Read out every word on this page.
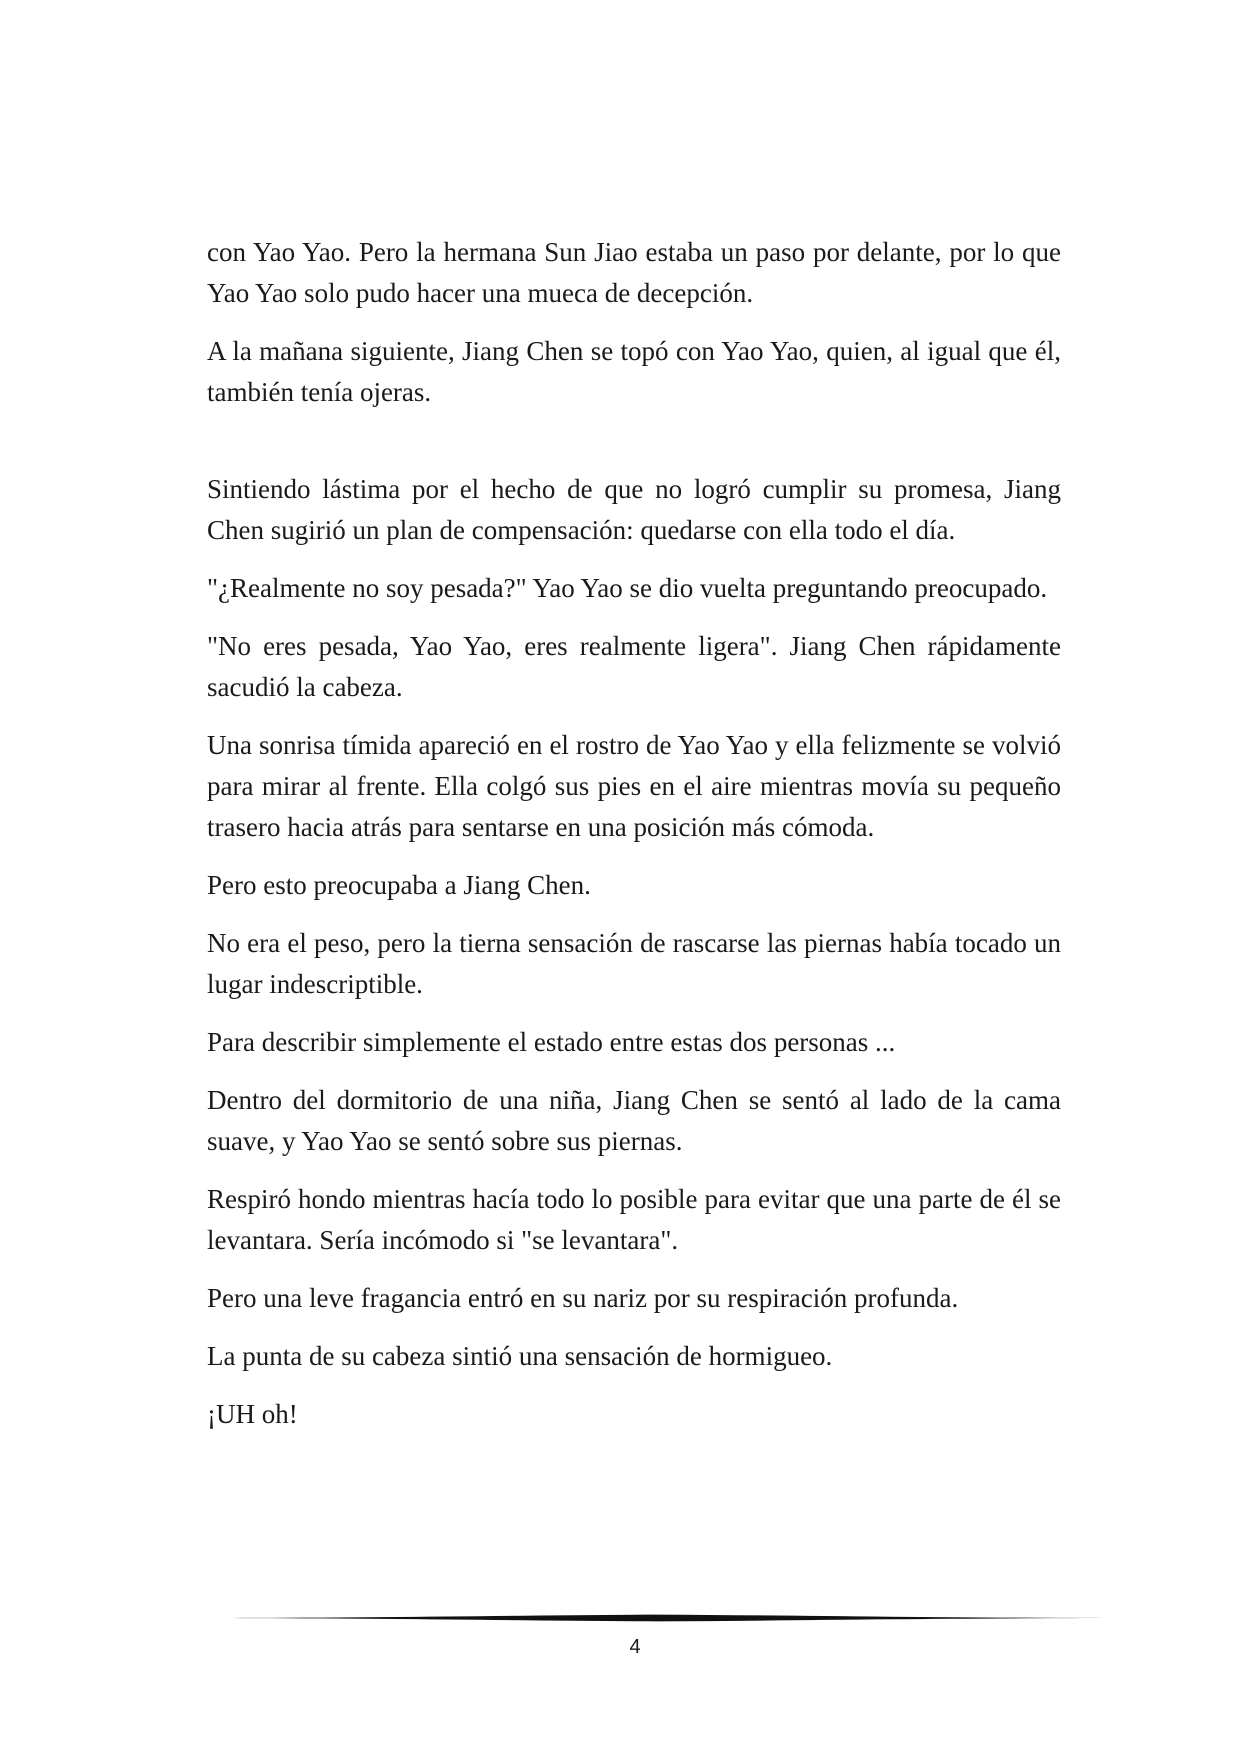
con Yao Yao. Pero la hermana Sun Jiao estaba un paso por delante, por lo que Yao Yao solo pudo hacer una mueca de decepción.

A la mañana siguiente, Jiang Chen se topó con Yao Yao, quien, al igual que él, también tenía ojeras.

Sintiendo lástima por el hecho de que no logró cumplir su promesa, Jiang Chen sugirió un plan de compensación: quedarse con ella todo el día.

"¿Realmente no soy pesada?" Yao Yao se dio vuelta preguntando preocupado.

"No eres pesada, Yao Yao, eres realmente ligera". Jiang Chen rápidamente sacudió la cabeza.

Una sonrisa tímida apareció en el rostro de Yao Yao y ella felizmente se volvió para mirar al frente. Ella colgó sus pies en el aire mientras movía su pequeño trasero hacia atrás para sentarse en una posición más cómoda.

Pero esto preocupaba a Jiang Chen.

No era el peso, pero la tierna sensación de rascarse las piernas había tocado un lugar indescriptible.

Para describir simplemente el estado entre estas dos personas ...

Dentro del dormitorio de una niña, Jiang Chen se sentó al lado de la cama suave, y Yao Yao se sentó sobre sus piernas.

Respiró hondo mientras hacía todo lo posible para evitar que una parte de él se levantara. Sería incómodo si "se levantara".

Pero una leve fragancia entró en su nariz por su respiración profunda.

La punta de su cabeza sintió una sensación de hormigueo.

¡UH oh!

4
